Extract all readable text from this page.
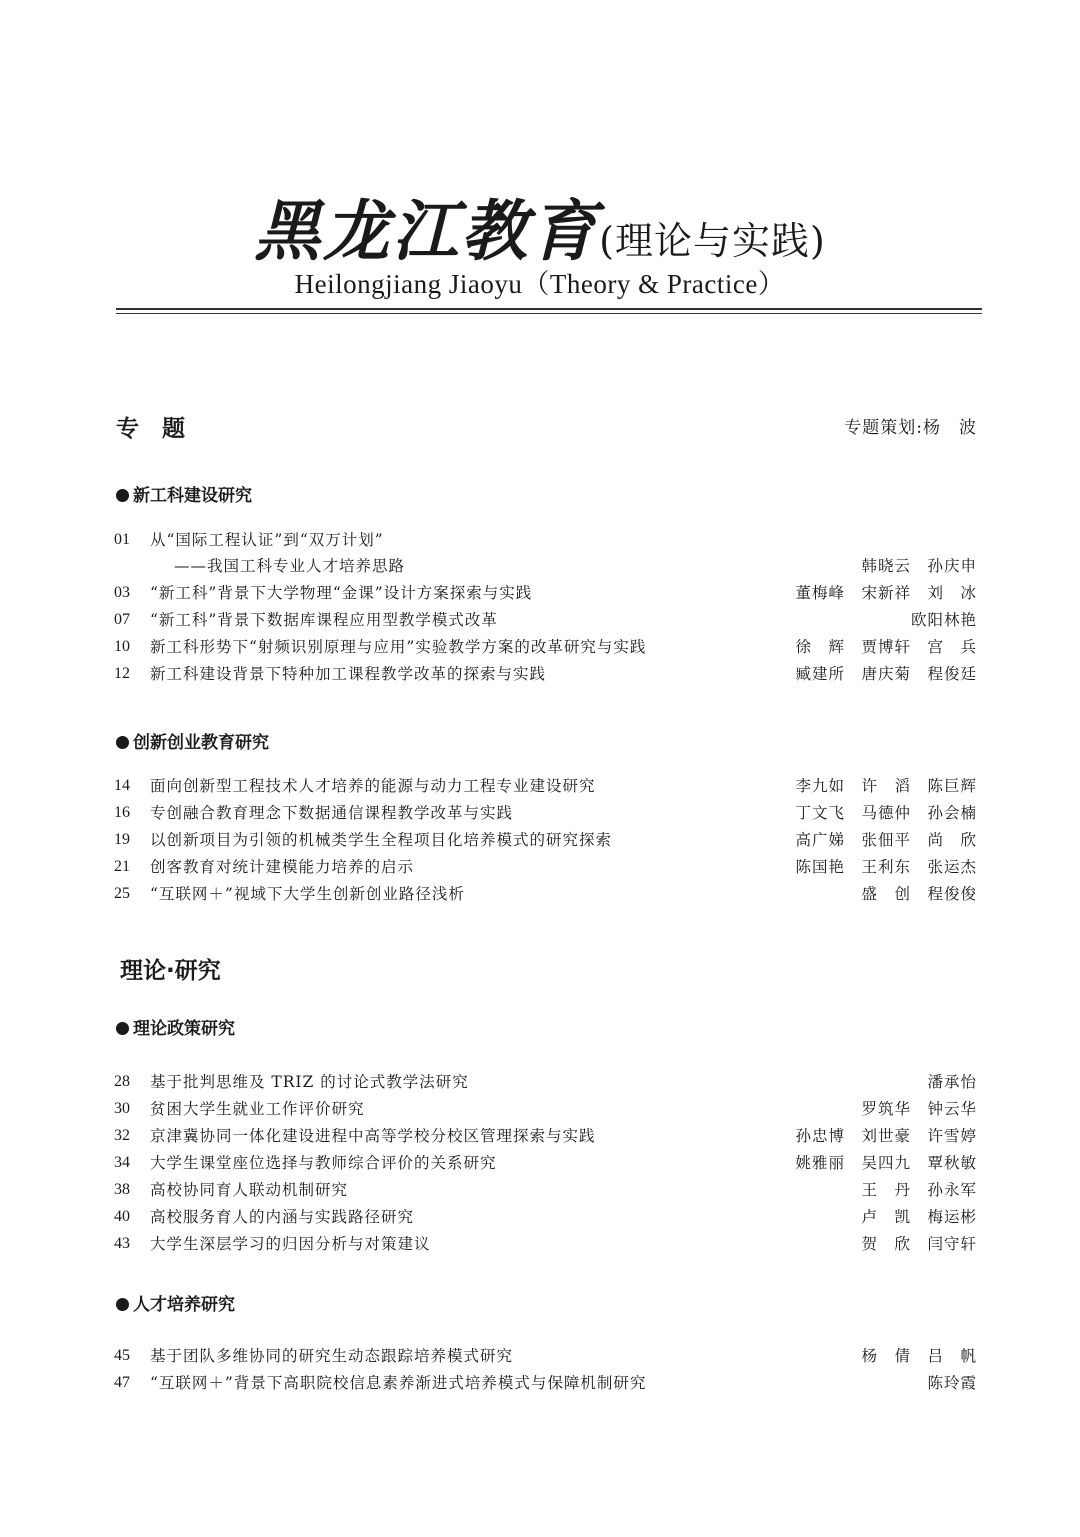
黑龙江教育(理论与实践)
Heilongjiang Jiaoyu（Theory & Practice）
专　题	专题策划:杨　波
新工科建设研究
01	从“国际工程认证”到“双万计划”
——我国工科专业人才培养思路	韩晓云　孙庆申
03	“新工科”背景下大学物理“金课”设计方案探索与实践	董梅峰　宋新祥　刘　冰
07	“新工科”背景下数据库课程应用型教学模式改革	欧阳林艳
10	新工科形势下“射频识别原理与应用”实验教学方案的改革研究与实践	徐　辉　贾博轩　宫　兵
12	新工科建设背景下特种加工课程教学改革的探索与实践	臧建所　唐庆菊　程俊廷
创新创业教育研究
14	面向创新型工程技术人才培养的能源与动力工程专业建设研究	李九如　许　滔　陈巨辉
16	专创融合教育理念下数据通信课程教学改革与实践	丁文飞　马德仲　孙会楠
19	以创新项目为引领的机械类学生全程项目化培养模式的研究探索	高广娣　张佃平　尚　欣
21	创客教育对统计建模能力培养的启示	陈国艳　王利东　张运杰
25	“互联网＋”视域下大学生创新创业路径浅析	盛　创　程俊俊
理论·研究
理论政策研究
28	基于批判思维及 TRIZ 的讨论式教学法研究	潘承怡
30	贫困大学生就业工作评价研究	罗筑华　钟云华
32	京津冀协同一体化建设进程中高等学校分校区管理探索与实践	孙忠博　刘世豪　许雪婷
34	大学生课堂座位选择与教师综合评价的关系研究	姚雅丽　吴四九　覃秋敏
38	高校协同育人联动机制研究	王　丹　孙永军
40	高校服务育人的内涵与实践路径研究	卢　凯　梅运彬
43	大学生深层学习的归因分析与对策建议	贺　欣　闫守轩
人才培养研究
45	基于团队多维协同的研究生动态跟踪培养模式研究	杨　倩　吕　帆
47	“互联网＋”背景下高职院校信息素养渐进式培养模式与保障机制研究	陈玲霞
